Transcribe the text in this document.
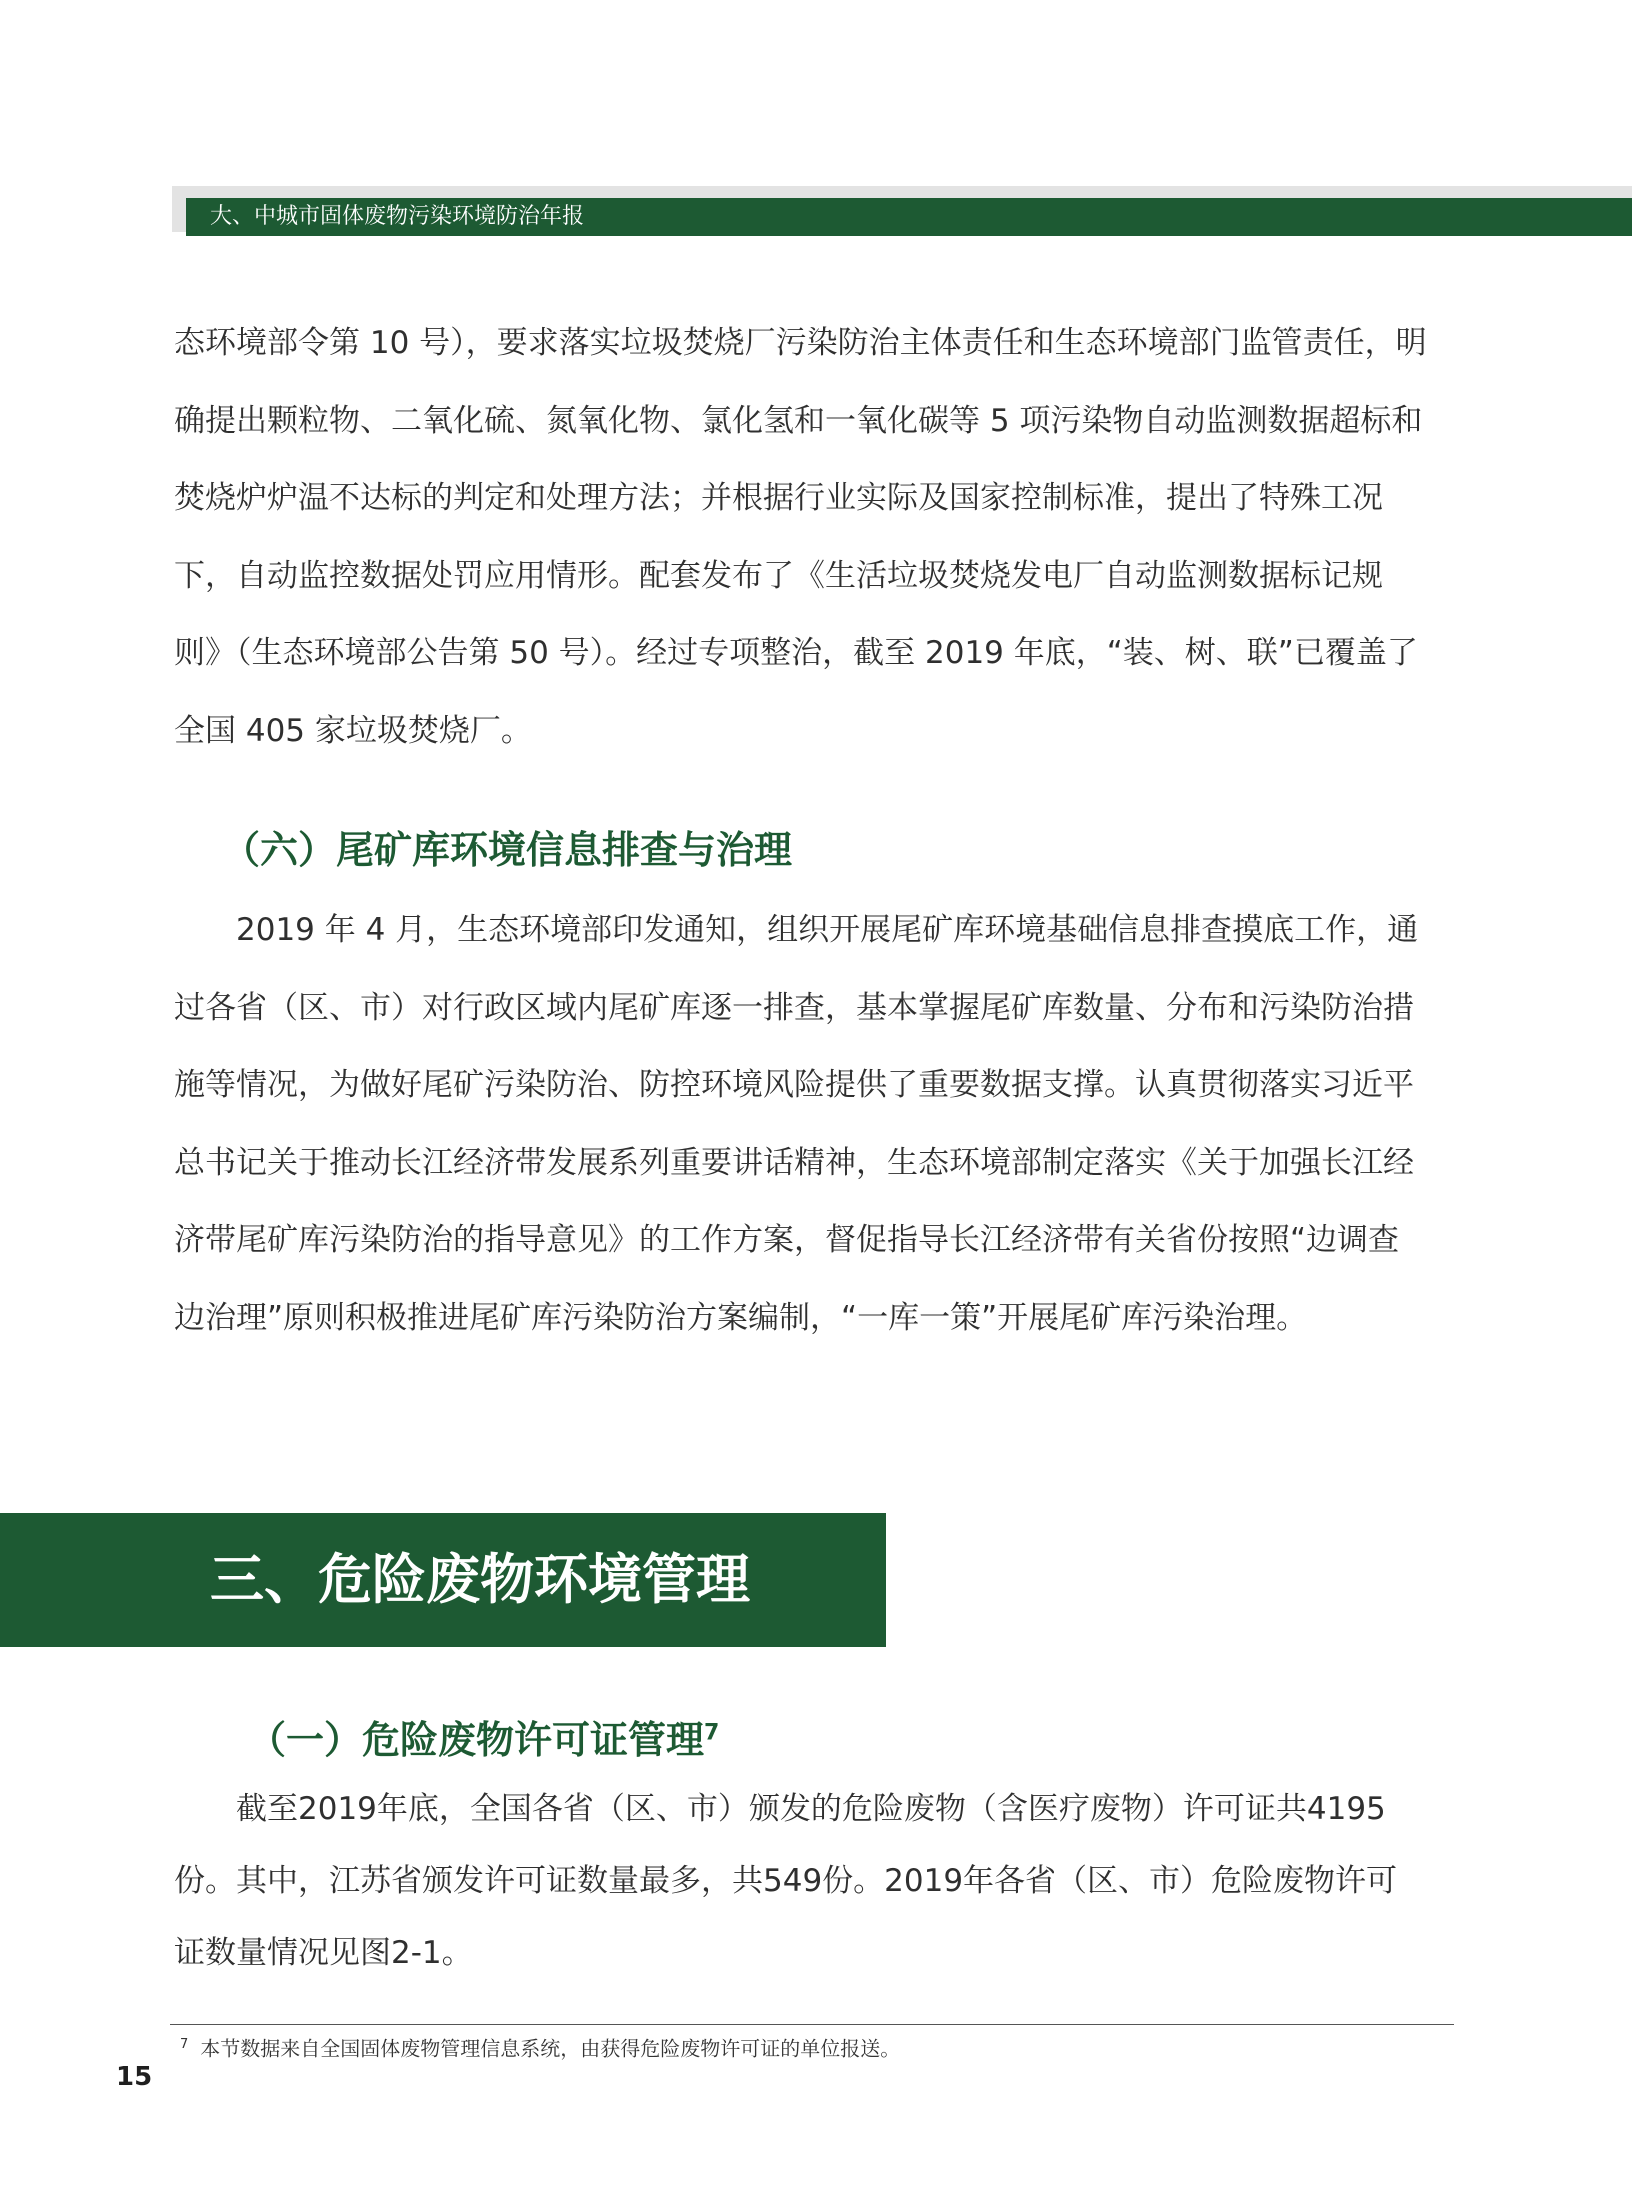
大、中城市固体废物污染环境防治年报

态环境部令第 10 号），要求落实垃圾焚烧厂污染防治主体责任和生态环境部门监管责任，明确提出颗粒物、二氧化硫、氮氧化物、氯化氢和一氧化碳等 5 项污染物自动监测数据超标和焚烧炉炉温不达标的判定和处理方法；并根据行业实际及国家控制标准，提出了特殊工况下，自动监控数据处罚应用情形。配套发布了《生活垃圾焚烧发电厂自动监测数据标记规则》（生态环境部公告第 50 号）。经过专项整治，截至 2019 年底，“装、树、联”已覆盖了全国 405 家垃圾焚烧厂。

（六）尾矿库环境信息排查与治理

2019 年 4 月，生态环境部印发通知，组织开展尾矿库环境基础信息排查摸底工作，通过各省（区、市）对行政区域内尾矿库逐一排查，基本掌握尾矿库数量、分布和污染防治措施等情况，为做好尾矿污染防治、防控环境风险提供了重要数据支撑。认真贯彻落实习近平总书记关于推动长江经济带发展系列重要讲话精神，生态环境部制定落实《关于加强长江经济带尾矿库污染防治的指导意见》的工作方案，督促指导长江经济带有关省份按照“边调查边治理”原则积极推进尾矿库污染防治方案编制，“一库一策”开展尾矿库污染治理。

三、危险废物环境管理
（一）危险废物许可证管理$^7$

截至2019年底，全国各省（区、市）颁发的危险废物（含医疗废物）许可证共4195份。其中，江苏省颁发许可证数量最多，共549份。2019年各省（区、市）危险废物许可证数量情况见图2-1。

$^7$ 本节数据来自全国固体废物管理信息系统，由获得危险废物许可证的单位报送。
15
